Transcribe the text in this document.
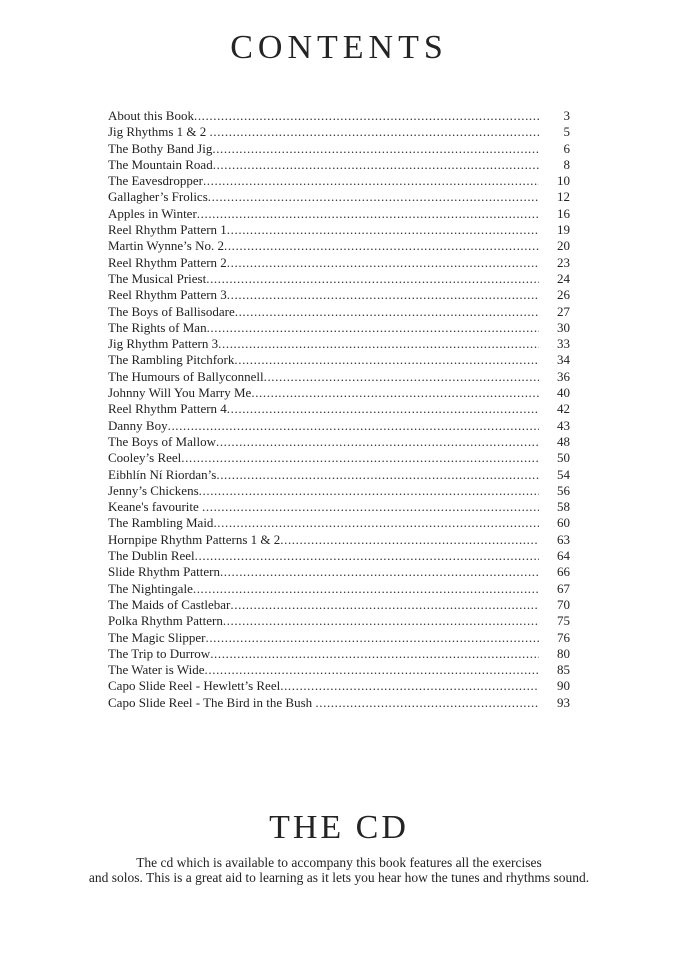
CONTENTS
About this Book .....	3
Jig Rhythms 1 & 2 .....	5
The Bothy Band Jig .....	6
The Mountain Road .....	8
The Eavesdropper .....	10
Gallagher’s Frolics .....	12
Apples in Winter .....	16
Reel Rhythm Pattern 1 .....	19
Martin Wynne’s No. 2 .....	20
Reel Rhythm Pattern 2 .....	23
The Musical Priest .....	24
Reel Rhythm Pattern 3 .....	26
The Boys of Ballisodare .....	27
The Rights of Man .....	30
Jig Rhythm Pattern 3 .....	33
The Rambling Pitchfork .....	34
The Humours of Ballyconnell .....	36
Johnny Will You Marry Me .....	40
Reel Rhythm Pattern 4 .....	42
Danny Boy .....	43
The Boys of Mallow .....	48
Cooley’s Reel .....	50
Eibhlín Ní Riordan’s .....	54
Jenny’s Chickens .....	56
Keane's favourite .....	58
The Rambling Maid .....	60
Hornpipe Rhythm Patterns 1 & 2 .....	63
The Dublin Reel .....	64
Slide Rhythm Pattern .....	66
The Nightingale .....	67
The Maids of Castlebar .....	70
Polka Rhythm Pattern .....	75
The Magic Slipper .....	76
The Trip to Durrow .....	80
The Water is Wide .....	85
Capo Slide Reel - Hewlett’s Reel .....	90
Capo Slide Reel - The Bird in the Bush .....	93
THE CD

The cd which is available to accompany this book features all the exercises

and solos. This is a great aid to learning as it lets you hear how the tunes and rhythms sound.
